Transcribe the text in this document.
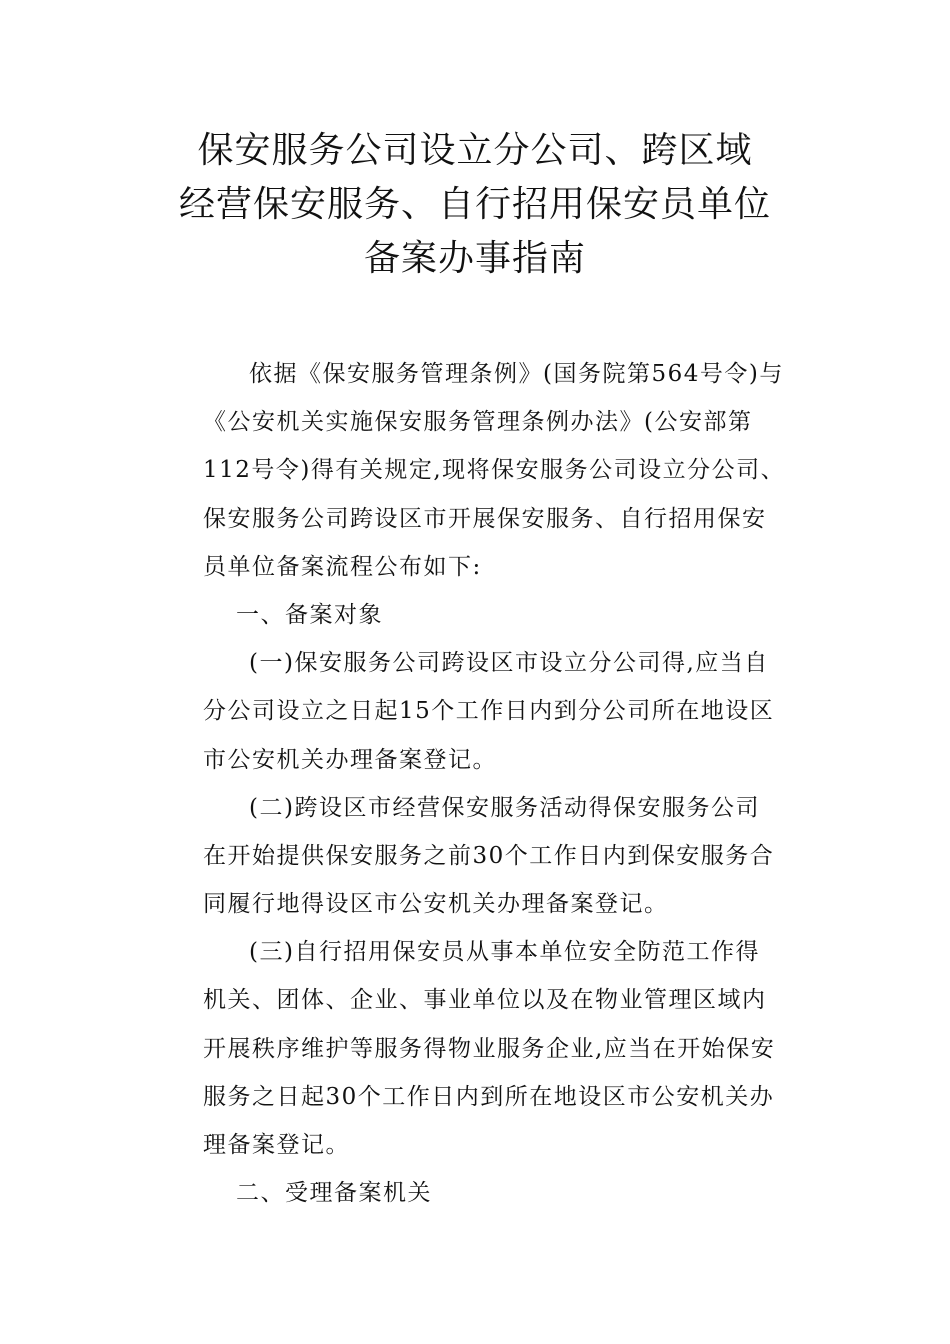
保安服务公司设立分公司、跨区域
经营保安服务、自行招用保安员单位
备案办事指南
依据《保安服务管理条例》(国务院第564号令)与
《公安机关实施保安服务管理条例办法》(公安部第
112号令)得有关规定,现将保安服务公司设立分公司、
保安服务公司跨设区市开展保安服务、自行招用保安
员单位备案流程公布如下:
一、备案对象
(一)保安服务公司跨设区市设立分公司得,应当自
分公司设立之日起15个工作日内到分公司所在地设区
市公安机关办理备案登记。
(二)跨设区市经营保安服务活动得保安服务公司
在开始提供保安服务之前30个工作日内到保安服务合
同履行地得设区市公安机关办理备案登记。
(三)自行招用保安员从事本单位安全防范工作得
机关、团体、企业、事业单位以及在物业管理区域内
开展秩序维护等服务得物业服务企业,应当在开始保安
服务之日起30个工作日内到所在地设区市公安机关办
理备案登记。
二、受理备案机关
